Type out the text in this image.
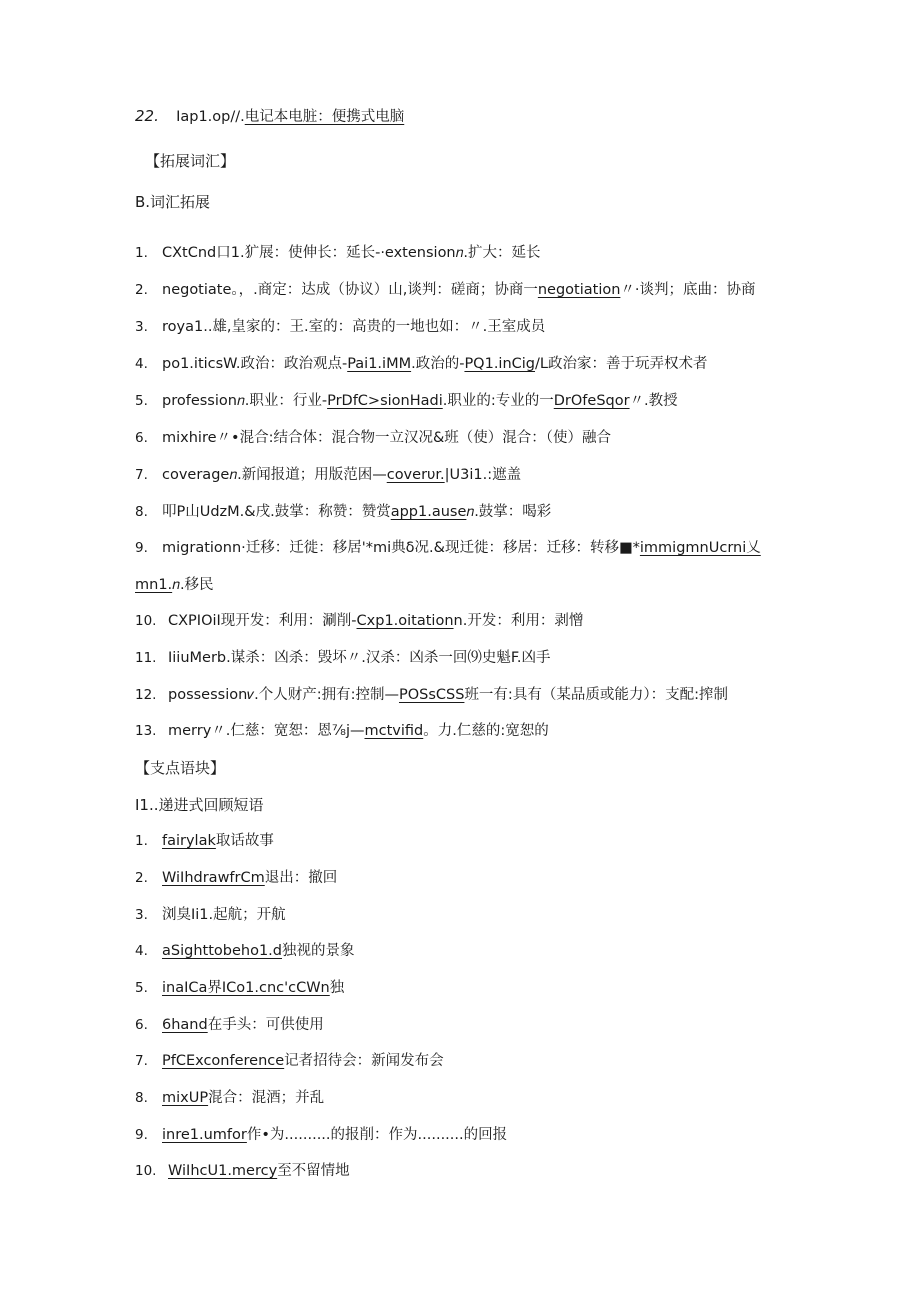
22. Iap1.op//.电记本电脏：便携式电脑
【拓展词汇】
B.词汇拓展
1. CXtCnd口1.犷展：使伸长：延长-·extension𝑛.扩大：延长
2. negotiate。，.商定：达成（协议）山,谈判：磋商；协商一negotiation〃·谈判；底曲：协商
3. roya1..雄,皇家的：王.室的：高贵的一地也如：〃.王室成员
4. po1.iticsW.政治：政治观点-Pai1.iMM.政治的-PQ1.inCig/L政治家：善于玩弄权术者
5. profession𝑛.职业：行业-PrDfC>sionHadi.职业的:专业的一DrOfeSqor〃.教授
6. mixhire〃•混合:结合体：混合物一立汉况&班（使）混合：（使）融合
7. coverage𝑛.新闻报道；用版范困—coverυr.|U3i1.:遮盖
8. 叩P山UdzM.&戌.鼓掌：称赞：赞赏app1.ause𝑛.鼓掌：喝彩
9. migrationn·迁移：迁徙：移居'*mi典δ况.&现迁徙：移居：迁移：转移■*immigmnUcrni乂
mn1.𝑛.移民
10. CXPIOiI现开发：利用：涮削-Cxp1.oitationn.开发：利用：剥憎
11. IiiuMerb.谋杀：凶杀：毁坏〃.汉杀：凶杀一回⑼史魁F.凶手
12. possession𝑣.个人财产:拥有:控制—POSsCSS班一有:具有（某品质或能力）：支配:搾制
13. merry〃.仁慈：宽恕：恩⅞j—mctvifid。力.仁慈的:宽恕的
【支点语块】
I1..递进式回顾短语
1. fairylak取话故事
2. WiIhdrawfrCm退出：撤回
3. 浏臭Ii1.起航；开航
4. aSighttobeho1.d独视的景象
5. inaICa界ICo1.cnc'cCWn独
6. 6hand在手头：可供使用
7. PfCExconference记者招待会：新闻发布会
8. mixUP混合：混酒；并乱
9. inre1.umfor作•为..........的报削：作为..........的回报
10. WiIhcU1.mercy至不留情地
